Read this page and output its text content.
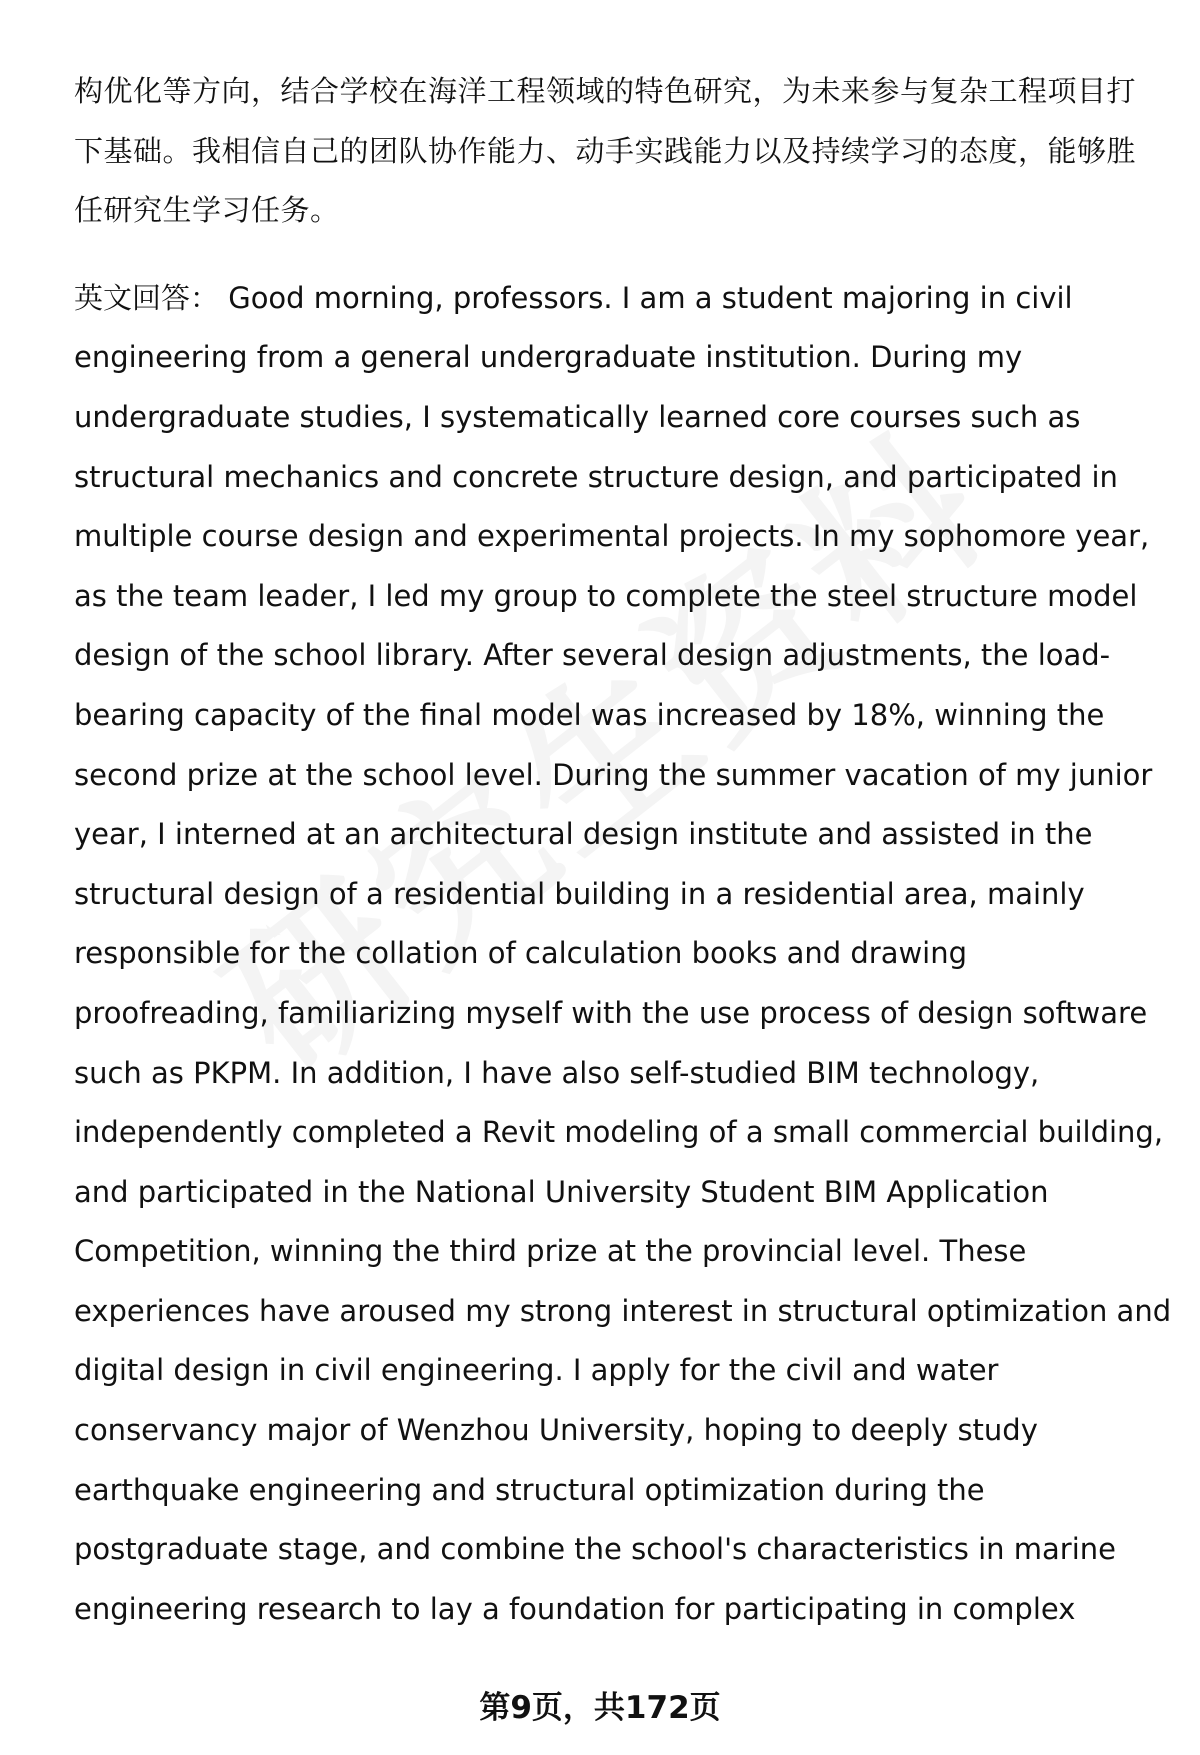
构优化等方向，结合学校在海洋工程领域的特色研究，为未来参与复杂工程项目打
下基础。我相信自己的团队协作能力、动手实践能力以及持续学习的态度，能够胜
任研究生学习任务。
英文回答： Good morning, professors. I am a student majoring in civil
engineering from a general undergraduate institution. During my
undergraduate studies, I systematically learned core courses such as
structural mechanics and concrete structure design, and participated in
multiple course design and experimental projects. In my sophomore year,
as the team leader, I led my group to complete the steel structure model
design of the school library. After several design adjustments, the load-
bearing capacity of the final model was increased by 18%, winning the
second prize at the school level. During the summer vacation of my junior
year, I interned at an architectural design institute and assisted in the
structural design of a residential building in a residential area, mainly
responsible for the collation of calculation books and drawing
proofreading, familiarizing myself with the use process of design software
such as PKPM. In addition, I have also self-studied BIM technology,
independently completed a Revit modeling of a small commercial building,
and participated in the National University Student BIM Application
Competition, winning the third prize at the provincial level. These
experiences have aroused my strong interest in structural optimization and
digital design in civil engineering. I apply for the civil and water
conservancy major of Wenzhou University, hoping to deeply study
earthquake engineering and structural optimization during the
postgraduate stage, and combine the school's characteristics in marine
engineering research to lay a foundation for participating in complex
第9页，共172页
